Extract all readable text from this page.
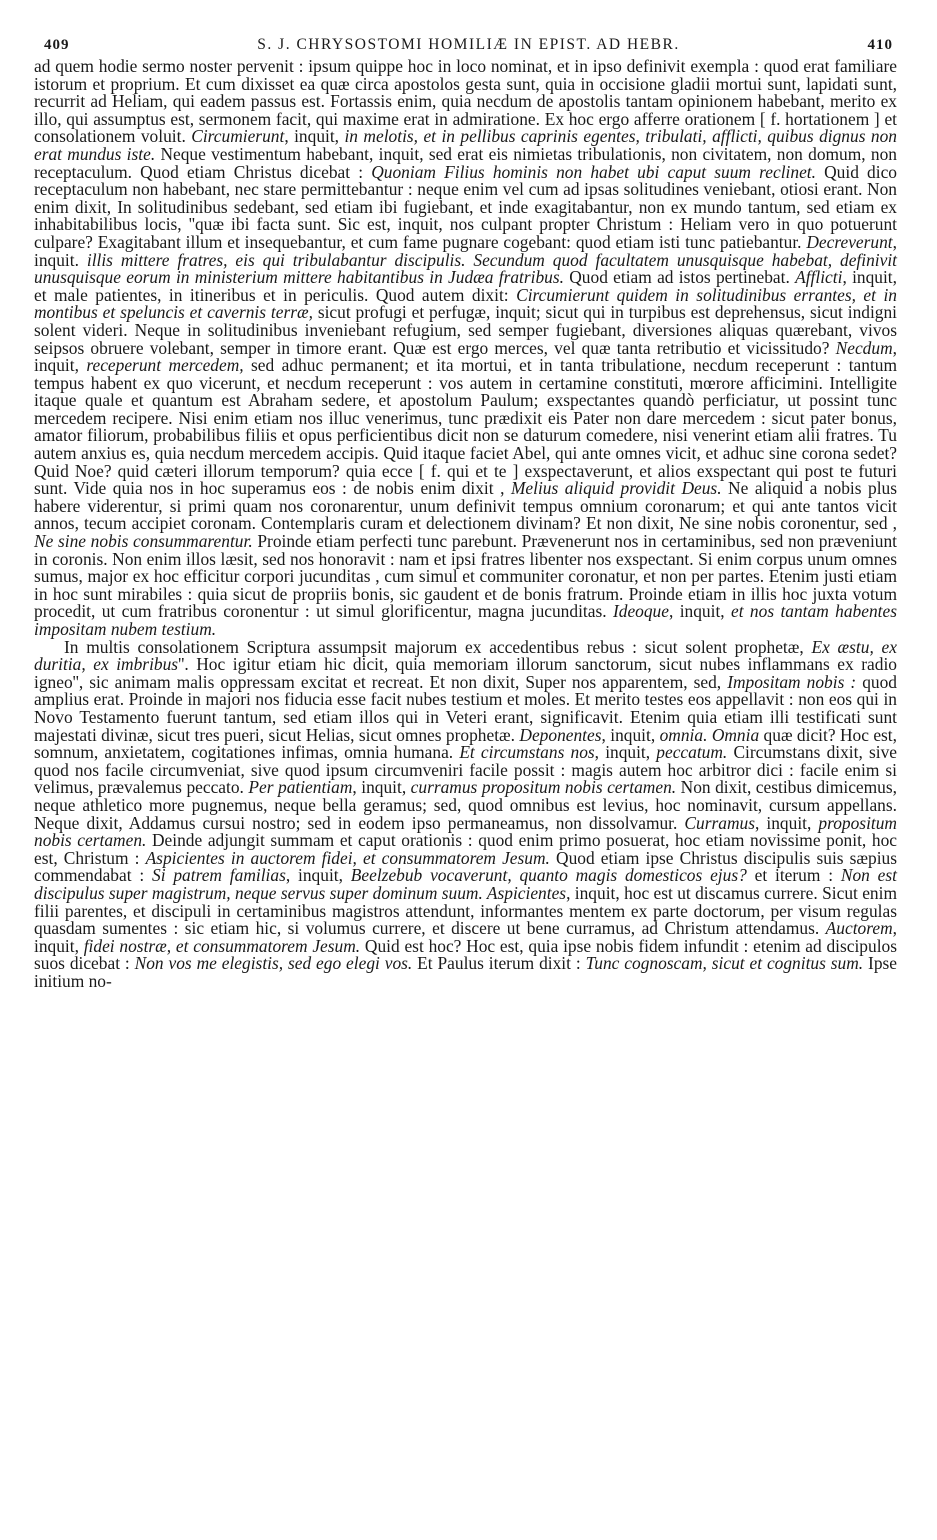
409	S. J. CHRYSOSTOMI HOMILIÆ IN EPIST. AD HEBR.	410

ad quem hodie sermo noster pervenit : ipsum quippe hoc in loco nominat, et in ipso definivit exempla : quod erat familiare istorum et proprium. Et cum dixisset ea quæ circa apostolos gesta sunt, quia in occisione gladii mortui sunt, lapidati sunt, recurrit ad Heliam, qui eadem passus est. Fortassis enim, quia necdum de apostolis tantam opinionem habebant, merito ex illo, qui assumptus est, sermonem facit, qui maxime erat in admiratione. Ex hoc ergo afferre orationem [ f. hortationem ] et consolationem voluit. Circumierunt, inquit, in melotis, et in pellibus caprinis egentes, tribulati, afflicti, quibus dignus non erat mundus iste. Neque vestimentum habebant, inquit, sed erat eis nimietas tribulationis, non civitatem, non domum, non receptaculum. Quod etiam Christus dicebat : Quoniam Filius hominis non habet ubi caput suum reclinet. Quid dico receptaculum non habebant, nec stare permittebantur : neque enim vel cum ad ipsas solitudines veniebant, otiosi erant. Non enim dixit, In solitudinibus sedebant, sed etiam ibi fugiebant, et inde exagitabantur, non ex mundo tantum, sed etiam ex inhabitabilibus locis, ''quæ ibi facta sunt. Sic est, inquit, nos culpant propter Christum : Heliam vero in quo potuerunt culpare? Exagitabant illum et insequebantur, et cum fame pugnare cogebant: quod etiam isti tunc patiebantur. Decreverunt, inquit. illis mittere fratres, eis qui tribulabantur discipulis. Secundum quod facultatem unusquisque habebat, definivit unusquisque eorum in ministerium mittere habitantibus in Judæa fratribus. Quod etiam ad istos pertinebat. Afflicti, inquit, et male patientes, in itineribus et in periculis. Quod autem dixit: Circumierunt quidem in solitudinibus errantes, et in montibus et speluncis et cavernis terræ, sicut profugi et perfugæ, inquit; sicut qui in turpibus est deprehensus, sicut indigni solent videri. Neque in solitudinibus inveniebant refugium, sed semper fugiebant, diversiones aliquas quærebant, vivos seipsos obruere volebant, semper in timore erant. Quæ est ergo merces, vel quæ tanta retributio et vicissitudo? Necdum, inquit, receperunt mercedem, sed adhuc permanent; et ita mortui, et in tanta tribulatione, necdum receperunt : tantum tempus habent ex quo vicerunt, et necdum receperunt : vos autem in certamine constituti, mœrore afficimini. Intelligite itaque quale et quantum est Abraham sedere, et apostolum Paulum; exspectantes quandò perficiatur, ut possint tunc mercedem recipere. Nisi enim etiam nos illuc venerimus, tunc prædixit eis Pater non dare mercedem : sicut pater bonus, amator filiorum, probabilibus filiis et opus perficientibus dicit non se daturum comedere, nisi venerint etiam alii fratres. Tu autem anxius es, quia necdum mercedem accipis. Quid itaque faciet Abel, qui ante omnes vicit, et adhuc sine corona sedet? Quid Noe? quid cæteri illorum temporum? quia ecce [ f. qui et te ] exspectaverunt, et alios exspectant qui post te futuri sunt. Vide quia nos in hoc superamus eos : de nobis enim dixit , Melius aliquid providit Deus. Ne aliquid a nobis plus habere viderentur, si primi quam nos coronarentur, unum definivit tempus omnium coronarum; et qui ante tantos vicit annos, tecum accipiet coronam. Contemplaris curam et delectionem divinam? Et non dixit, Ne sine nobis coronentur, sed , Ne sine nobis consummarentur. Proinde etiam perfecti tunc parebunt. Prævenerunt nos in certaminibus, sed non præveniunt in coronis. Non enim illos læsit, sed nos honoravit : nam et ipsi fratres libenter nos exspectant. Si enim corpus unum omnes sumus, major ex hoc efficitur corpori jucunditas , cum simul et communiter coronatur, et non per partes. Etenim justi etiam in hoc sunt mirabiles : quia sicut de propriis bonis, sic gaudent et de bonis fratrum. Proinde etiam in illis hoc juxta votum procedit, ut cum fratribus coronentur : ut simul glorificentur, magna jucunditas. Ideoque, inquit, et nos tantam habentes impositam nubem testium.

In multis consolationem Scriptura assumpsit majorum ex accedentibus rebus : sicut solent prophetæ, Ex æstu, ex duritia, ex imbribus''. Hoc igitur etiam hic dicit, quia memoriam illorum sanctorum, sicut nubes inflammans ex radio igneo'', sic animam malis oppressam excitat et recreat. Et non dixit, Super nos apparentem, sed, Impositam nobis : quod amplius erat. Proinde in majori nos fiducia esse facit nubes testium et moles. Et merito testes eos appellavit : non eos qui in Novo Testamento fuerunt tantum, sed etiam illos qui in Veteri erant, significavit. Etenim quia etiam illi testificati sunt majestati divinæ, sicut tres pueri, sicut Helias, sicut omnes prophetæ. Deponentes, inquit, omnia. Omnia quæ dicit? Hoc est, somnum, anxietatem, cogitationes infimas, omnia humana. Et circumstans nos, inquit, peccatum. Circumstans dixit, sive quod nos facile circumveniat, sive quod ipsum circumveniri facile possit : magis autem hoc arbitror dici : facile enim si velimus, prævalemus peccato. Per patientiam, inquit, curramus propositum nobis certamen. Non dixit, cestibus dimicemus, neque athletico more pugnemus, neque bella geramus; sed, quod omnibus est levius, hoc nominavit, cursum appellans. Neque dixit, Addamus cursui nostro; sed in eodem ipso permaneamus, non dissolvamur. Curramus, inquit, propositum nobis certamen. Deinde adjungit summam et caput orationis : quod enim primo posuerat, hoc etiam novissime ponit, hoc est, Christum : Aspicientes in auctorem fidei, et consummatorem Jesum. Quod etiam ipse Christus discipulis suis sæpius commendabat : Si patrem familias, inquit, Beelzebub vocaverunt, quanto magis domesticos ejus? et iterum : Non est discipulus super magistrum, neque servus super dominum suum. Aspicientes, inquit, hoc est ut discamus currere. Sicut enim filii parentes, et discipuli in certaminibus magistros attendunt, informantes mentem ex parte doctorum, per visum regulas quasdam sumentes : sic etiam hic, si volumus currere, et discere ut bene curramus, ad Christum attendamus. Auctorem, inquit, fidei nostræ, et consummatorem Jesum. Quid est hoc? Hoc est, quia ipse nobis fidem infundit : etenim ad discipulos suos dicebat : Non vos me elegistis, sed ego elegi vos. Et Paulus iterum dixit : Tunc cognoscam, sicut et cognitus sum. Ipse initium no-
